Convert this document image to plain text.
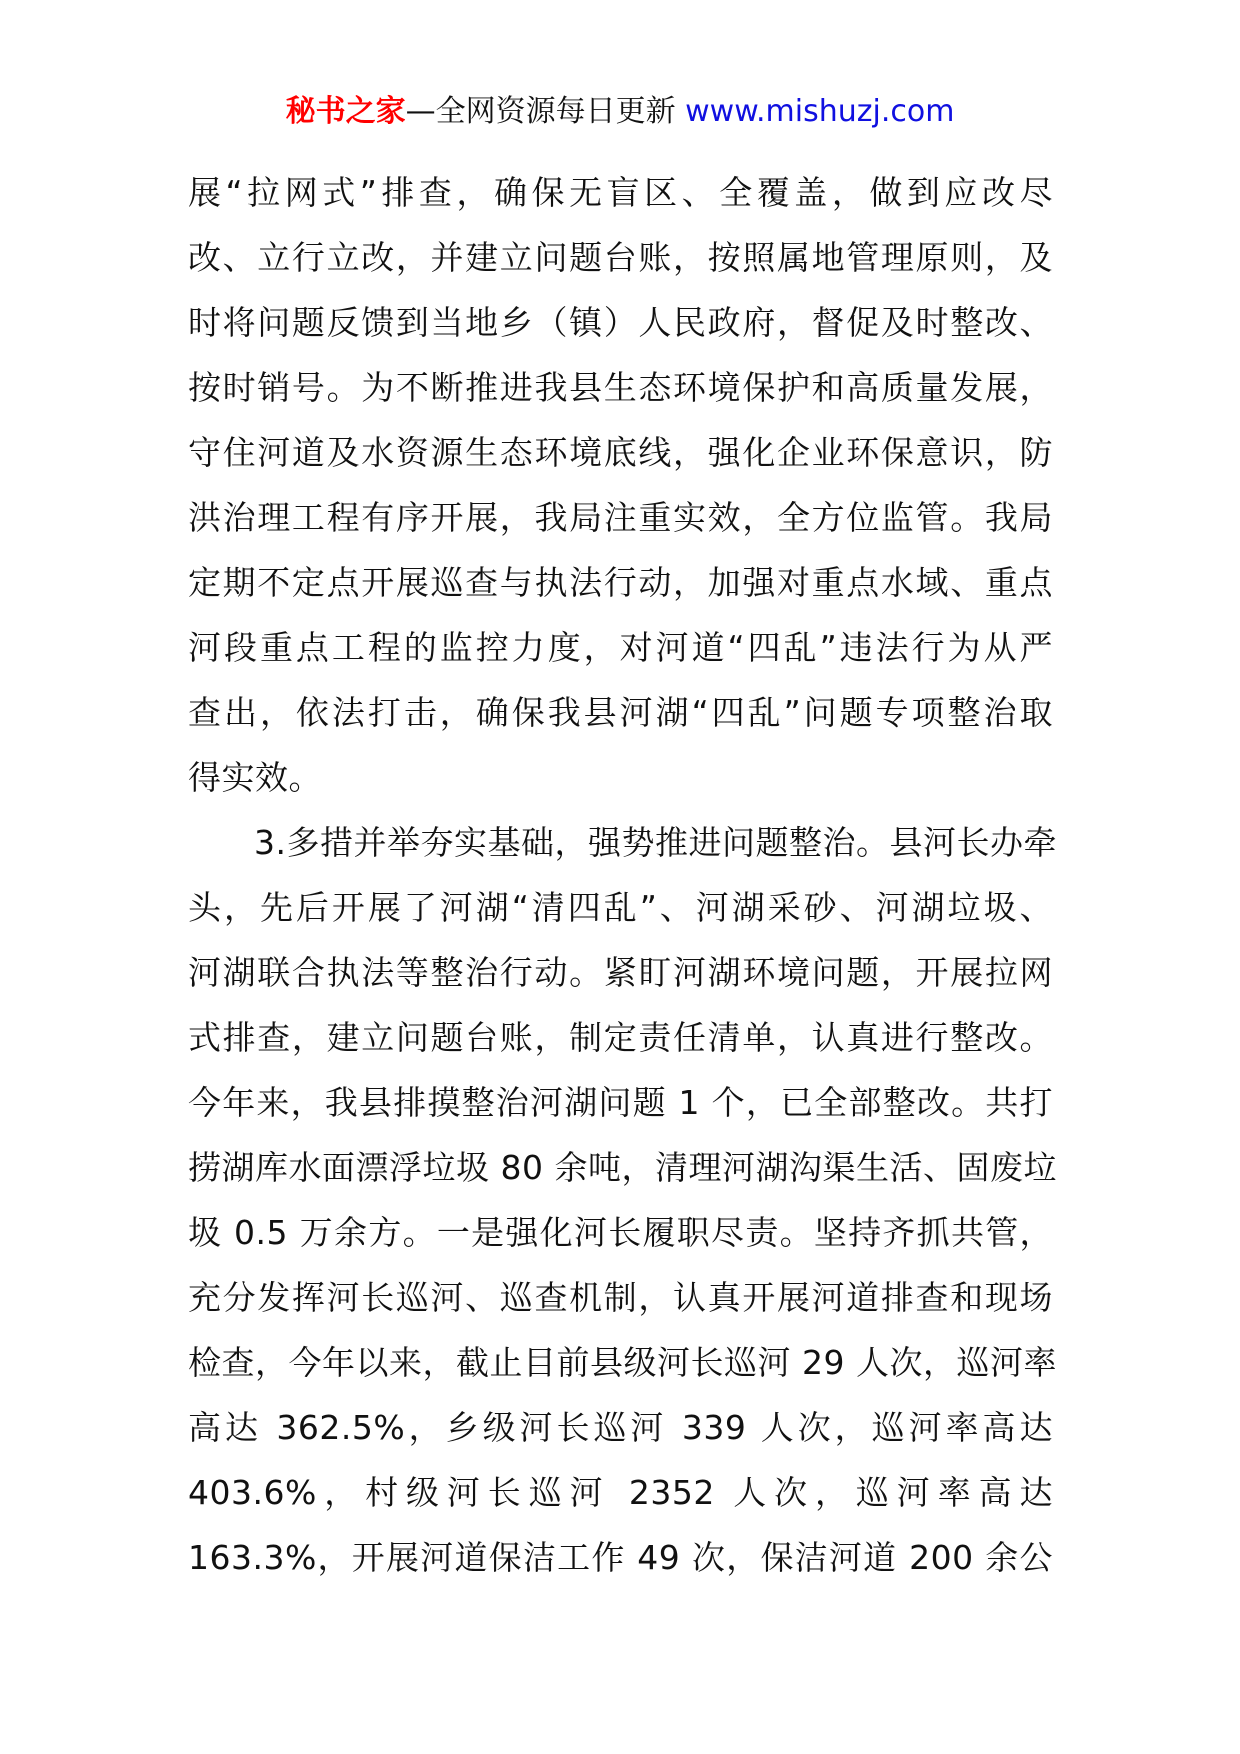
秘书之家—全网资源每日更新 www.mishuzj.com
展“拉网式”排查，确保无盲区、全覆盖，做到应改尽
改、立行立改，并建立问题台账，按照属地管理原则，及
时将问题反馈到当地乡（镇）人民政府，督促及时整改、
按时销号。为不断推进我县生态环境保护和高质量发展，
守住河道及水资源生态环境底线，强化企业环保意识，防
洪治理工程有序开展，我局注重实效，全方位监管。我局
定期不定点开展巡查与执法行动，加强对重点水域、重点
河段重点工程的监控力度，对河道“四乱”违法行为从严
查出，依法打击，确保我县河湖“四乱”问题专项整治取
得实效。
3.多措并举夯实基础，强势推进问题整治。县河长办牵
头，先后开展了河湖“清四乱”、河湖采砂、河湖垃圾、
河湖联合执法等整治行动。紧盯河湖环境问题，开展拉网
式排查，建立问题台账，制定责任清单，认真进行整改。
今年来，我县排摸整治河湖问题 1 个，已全部整改。共打
捞湖库水面漂浮垃圾 80 余吨，清理河湖沟渠生活、固废垃
圾 0.5 万余方。一是强化河长履职尽责。坚持齐抓共管，
充分发挥河长巡河、巡查机制，认真开展河道排查和现场
检查，今年以来，截止目前县级河长巡河 29 人次，巡河率
高达 362.5%，乡级河长巡河 339 人次，巡河率高达
403.6%，村级河长巡河 2352 人次，巡河率高达
163.3%，开展河道保洁工作 49 次，保洁河道 200 余公
